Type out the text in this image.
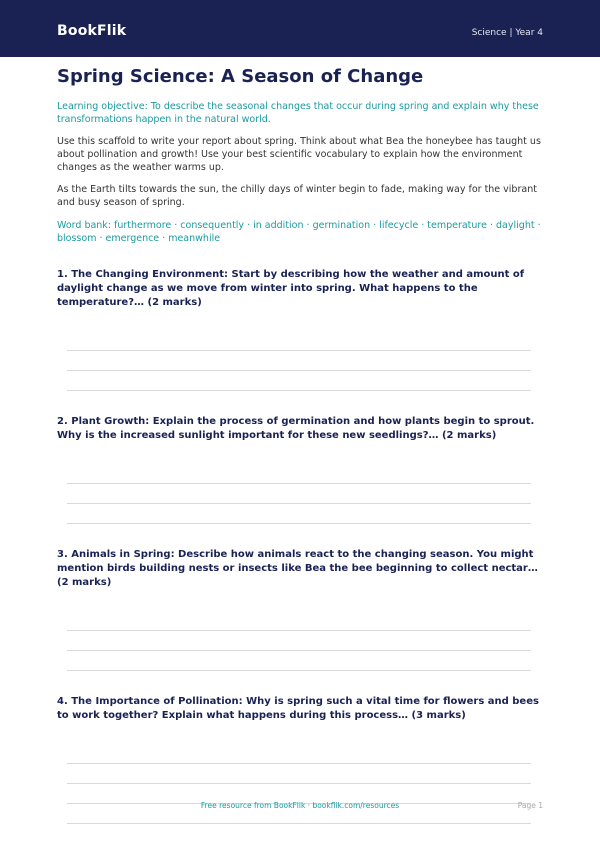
BookFlik	Science | Year 4
Spring Science: A Season of Change

Learning objective: To describe the seasonal changes that occur during spring and explain why these transformations happen in the natural world.

Use this scaffold to write your report about spring. Think about what Bea the honeybee has taught us about pollination and growth! Use your best scientific vocabulary to explain how the environment changes as the weather warms up.

As the Earth tilts towards the sun, the chilly days of winter begin to fade, making way for the vibrant and busy season of spring.

Word bank: furthermore · consequently · in addition · germination · lifecycle · temperature · daylight · blossom · emergence · meanwhile

1. The Changing Environment: Start by describing how the weather and amount of daylight change as we move from winter into spring. What happens to the temperature?… (2 marks)
2. Plant Growth: Explain the process of germination and how plants begin to sprout. Why is the increased sunlight important for these new seedlings?… (2 marks)
3. Animals in Spring: Describe how animals react to the changing season. You might mention birds building nests or insects like Bea the bee beginning to collect nectar… (2 marks)
4. The Importance of Pollination: Why is spring such a vital time for flowers and bees to work together? Explain what happens during this process… (3 marks)
Free resource from BookFlik · bookflik.com/resources	Page 1
